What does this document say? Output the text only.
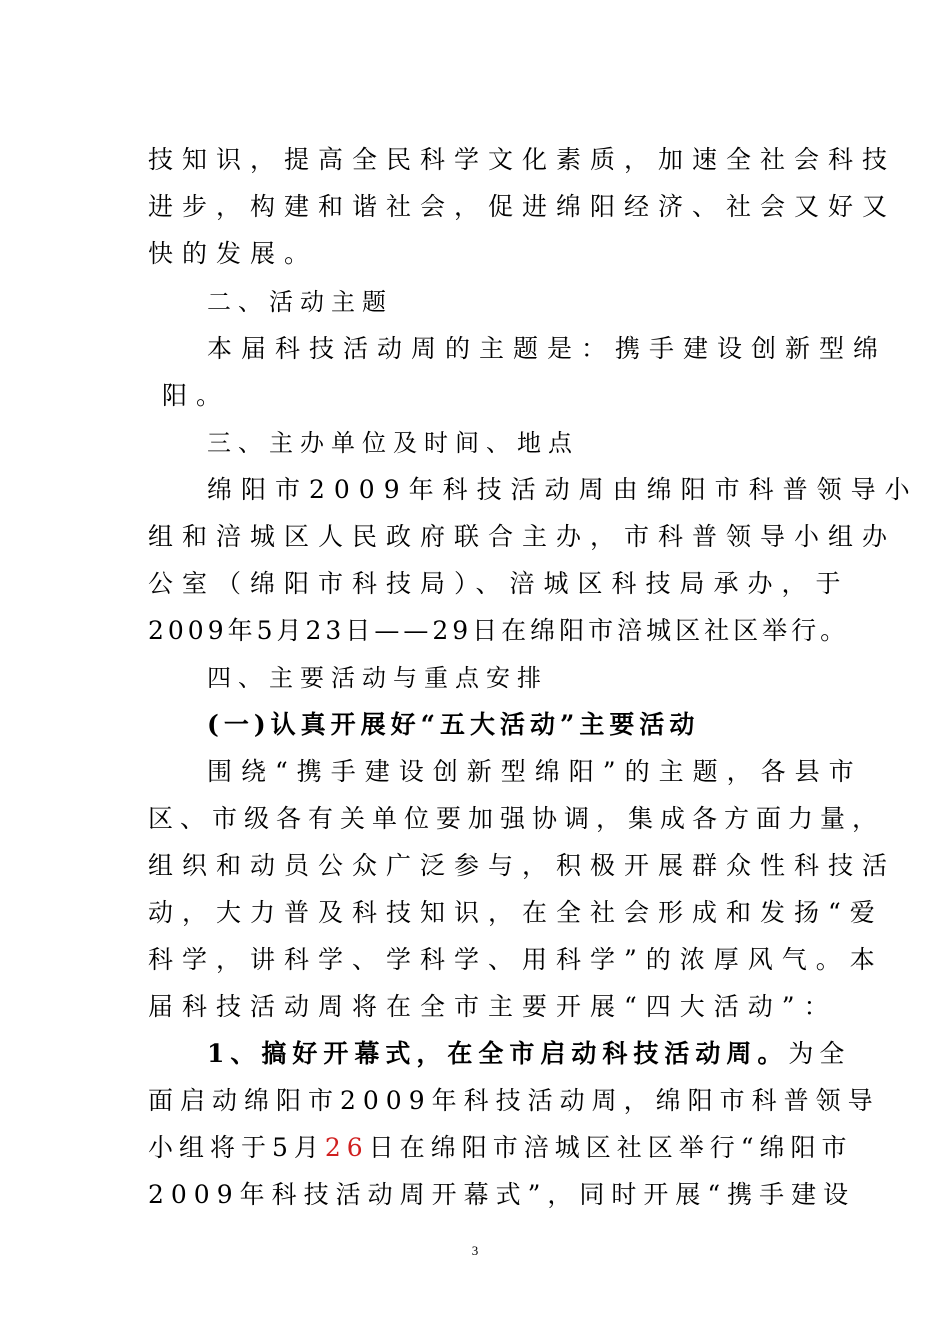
技知识，提高全民科学文化素质，加速全社会科技
进步，构建和谐社会，促进绵阳经济、社会又好又
快的发展。
二、活动主题
本届科技活动周的主题是：携手建设创新型绵
阳。
三、主办单位及时间、地点
绵阳市2009年科技活动周由绵阳市科普领导小
组和涪城区人民政府联合主办，市科普领导小组办
公室（绵阳市科技局）、涪城区科技局承办，于
2009年5月23日——29日在绵阳市涪城区社区举行。
四、主要活动与重点安排
(一)认真开展好“五大活动”主要活动
围绕“携手建设创新型绵阳”的主题，各县市
区、市级各有关单位要加强协调，集成各方面力量，
组织和动员公众广泛参与，积极开展群众性科技活
动，大力普及科技知识，在全社会形成和发扬“爱
科学，讲科学、学科学、用科学”的浓厚风气。本
届科技活动周将在全市主要开展“四大活动”：
1、搞好开幕式，在全市启动科技活动周。为全
面启动绵阳市2009年科技活动周，绵阳市科普领导
小组将于5月26日在绵阳市涪城区社区举行“绵阳市
2009年科技活动周开幕式”，同时开展“携手建设
3
